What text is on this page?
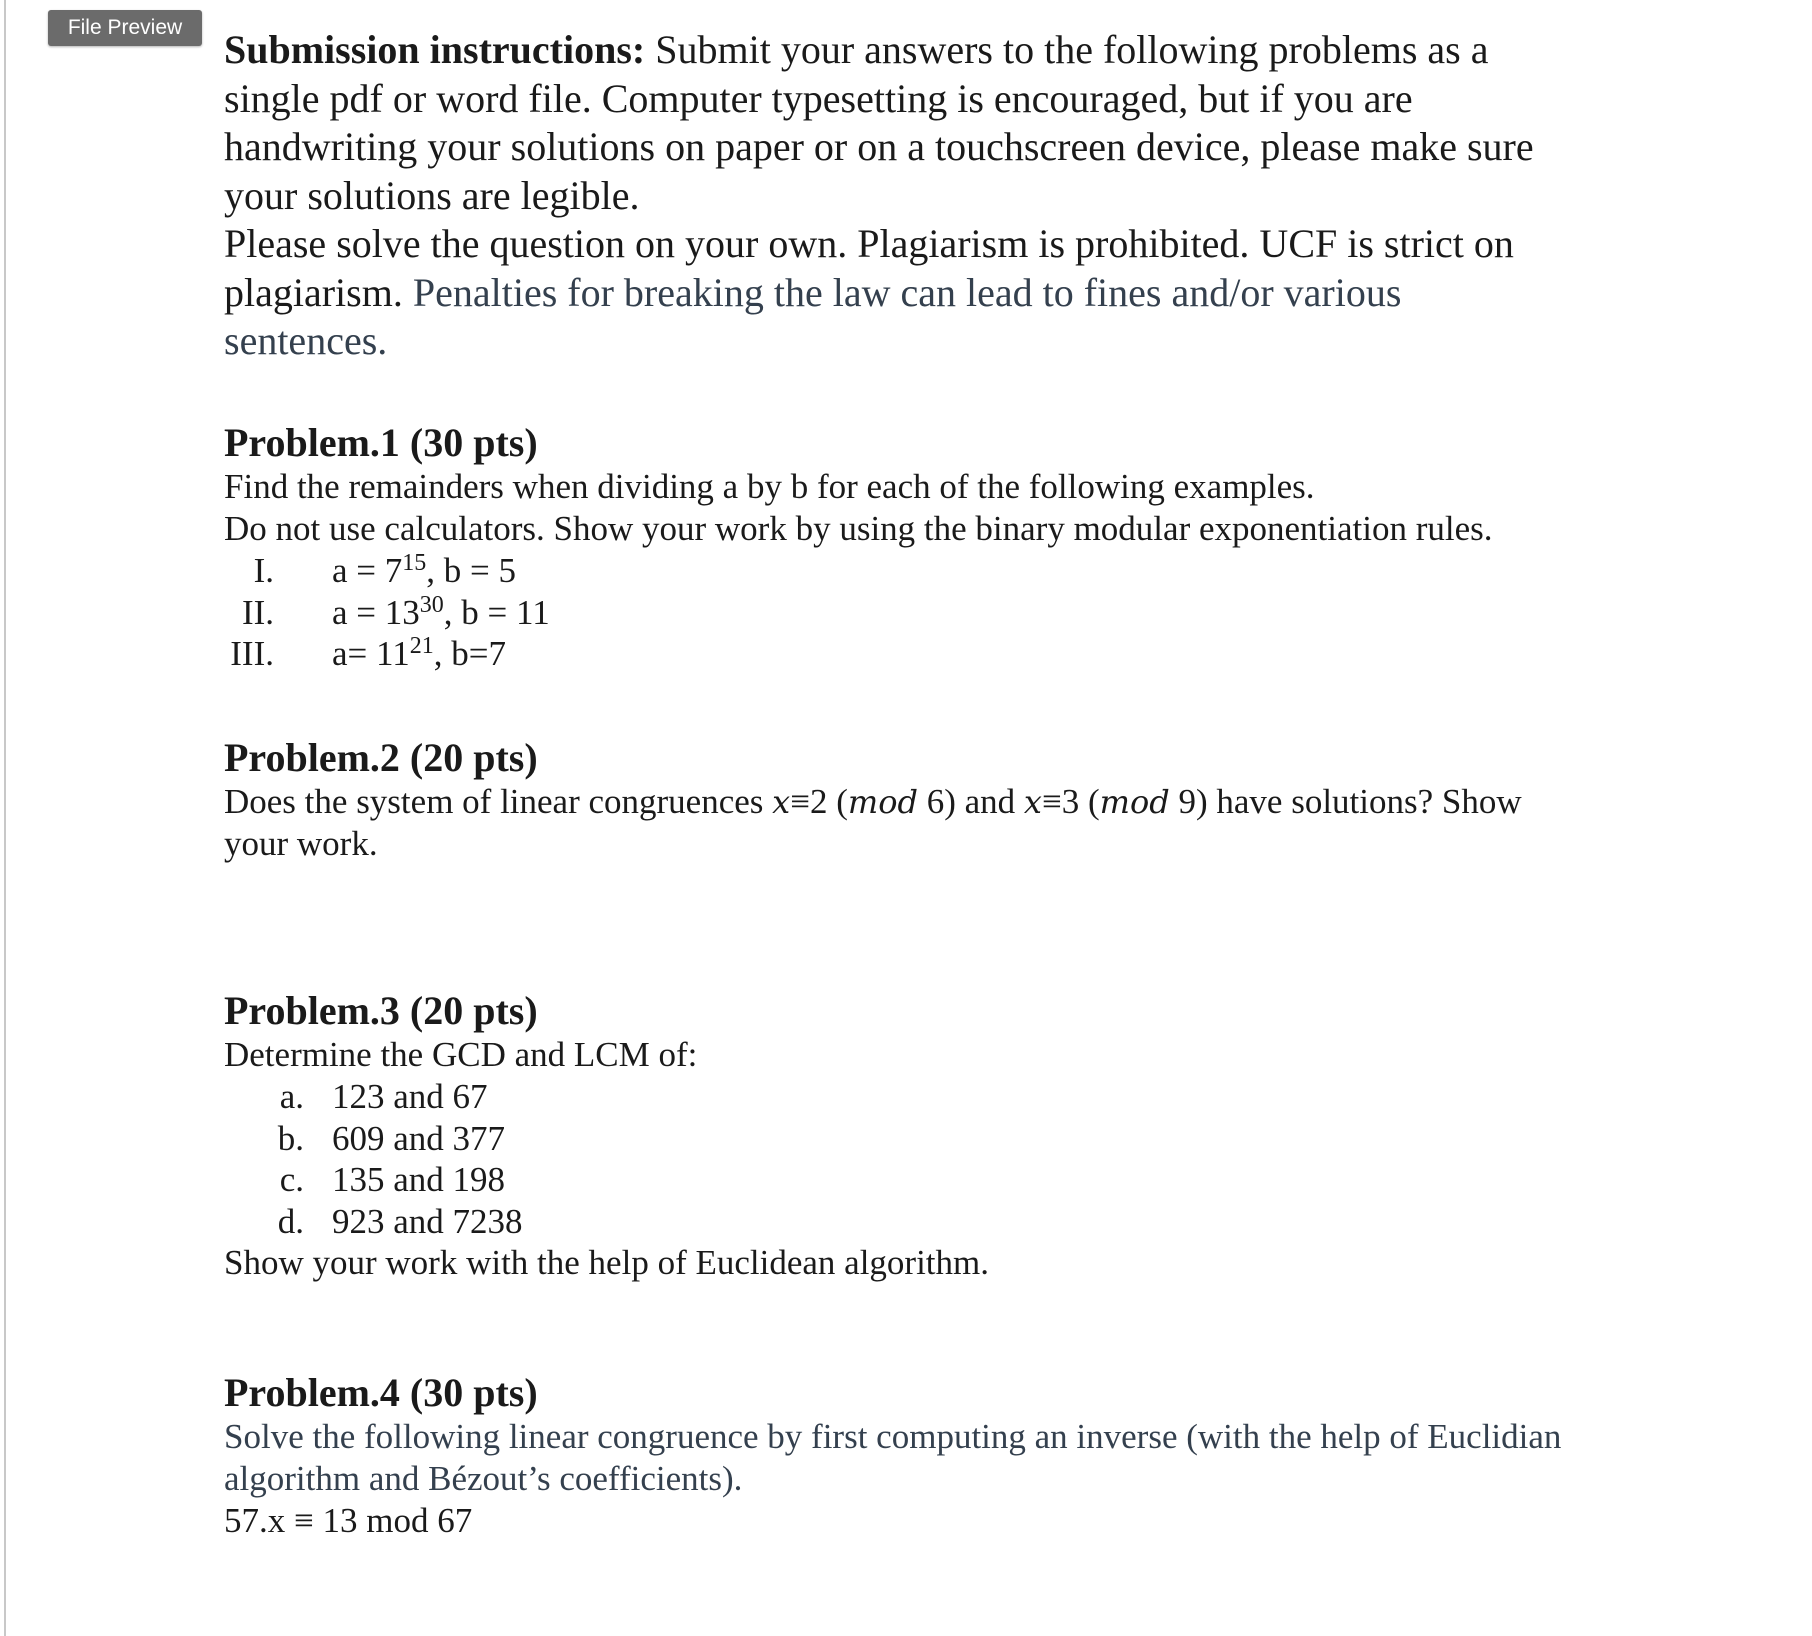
File Preview	Submission instructions: Submit your answers to the following problems as a
single pdf or word file. Computer typesetting is encouraged, but if you are
handwriting your solutions on paper or on a touchscreen device, please make sure
your solutions are legible.
Please solve the question on your own. Plagiarism is prohibited. UCF is strict on
plagiarism. Penalties for breaking the law can lead to fines and/or various
sentences.
Problem.1 (30 pts)
Find the remainders when dividing a by b for each of the following examples.
Do not use calculators. Show your work by using the binary modular exponentiation rules.
I. $a = 7^{15}$, b = 5
II. $a = 13^{30}$, b = 11
III. $a= 11^{21}$, b=7
Problem.2 (20 pts)
Does the system of linear congruences x≡2 (mod 6) and x≡3 (mod 9) have solutions? Show
your work.
Problem.3 (20 pts)
Determine the GCD and LCM of:
a. 123 and 67
b. 609 and 377
c. 135 and 198
d. 923 and 7238
Show your work with the help of Euclidean algorithm.
Problem.4 (30 pts)
Solve the following linear congruence by first computing an inverse (with the help of Euclidian
algorithm and Bézout’s coefficients).
57.x ≡ 13 mod 67
